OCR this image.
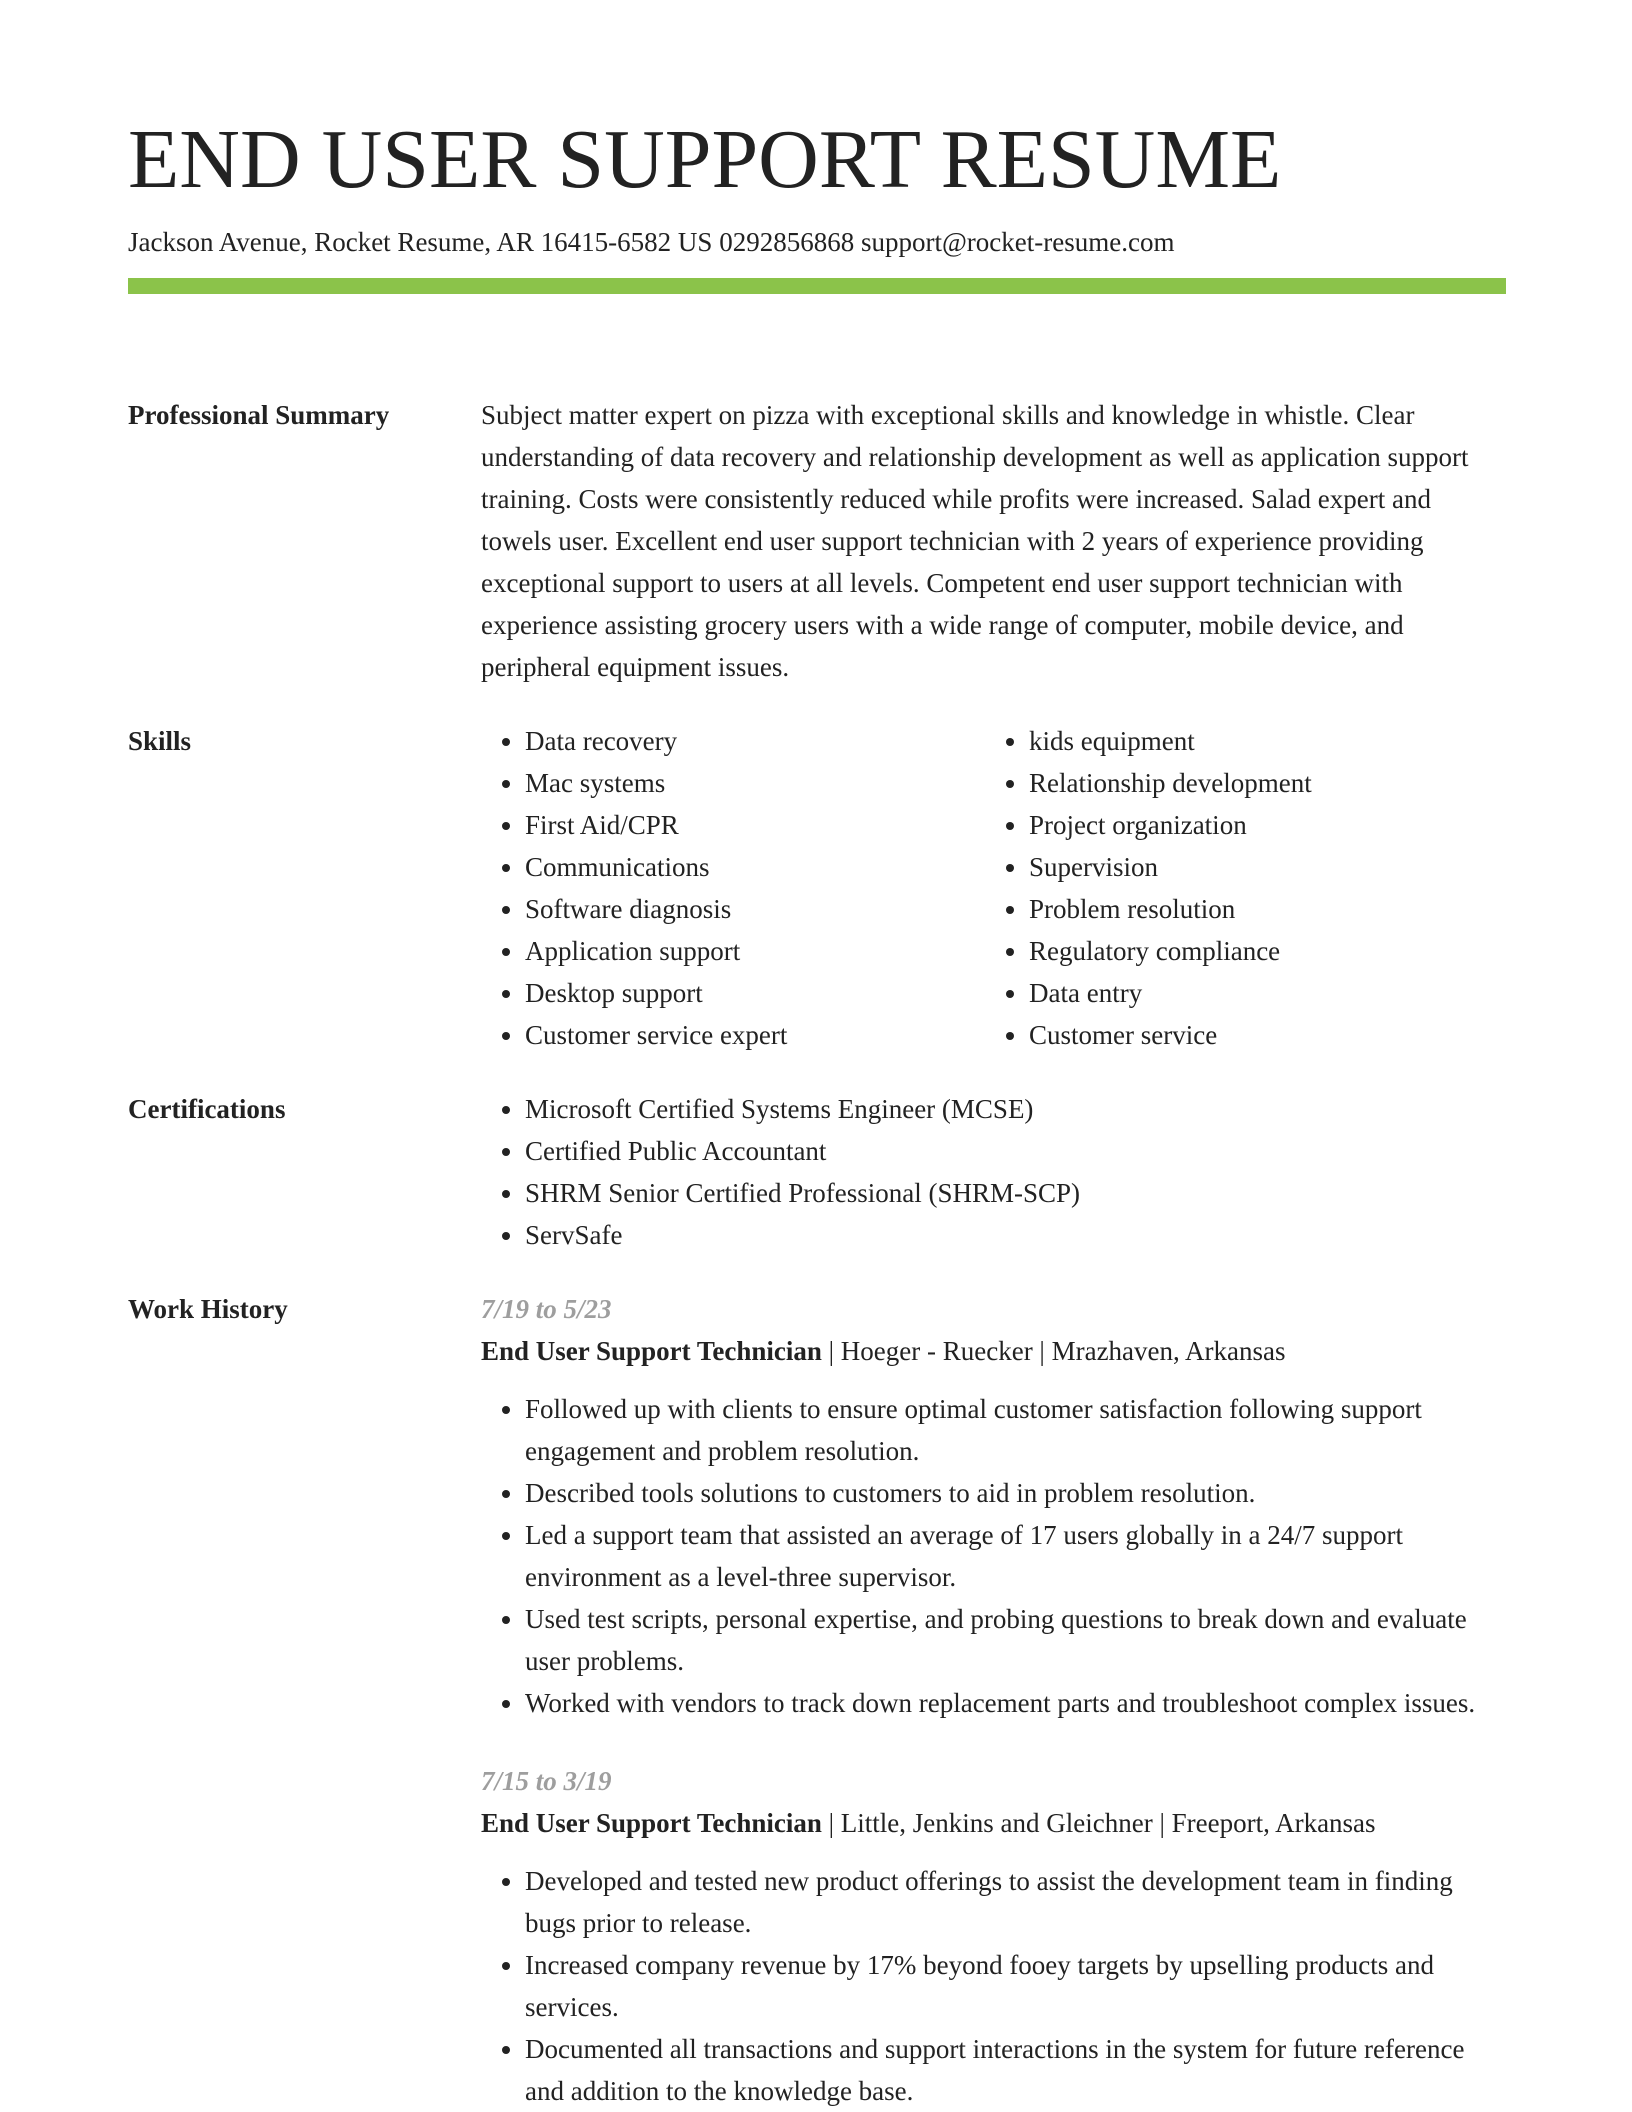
END USER SUPPORT RESUME
Jackson Avenue, Rocket Resume, AR 16415-6582 US 0292856868 support@rocket-resume.com
Professional Summary	Subject matter expert on pizza with exceptional skills and knowledge in whistle. Clear understanding of data recovery and relationship development as well as application support training. Costs were consistently reduced while profits were increased. Salad expert and towels user. Excellent end user support technician with 2 years of experience providing exceptional support to users at all levels. Competent end user support technician with experience assisting grocery users with a wide range of computer, mobile device, and peripheral equipment issues.

Skills	• Data recovery
• Mac systems
• First Aid/CPR
• Communications
• Software diagnosis
• Application support
• Desktop support
• Customer service expert
• kids equipment
• Relationship development
• Project organization
• Supervision
• Problem resolution
• Regulatory compliance
• Data entry
• Customer service
Certifications	• Microsoft Certified Systems Engineer (MCSE)
• Certified Public Accountant
• SHRM Senior Certified Professional (SHRM-SCP)
• ServSafe
Work History	7/19 to 5/23
End User Support Technician | Hoeger - Ruecker | Mrazhaven, Arkansas
• Followed up with clients to ensure optimal customer satisfaction following support engagement and problem resolution.
• Described tools solutions to customers to aid in problem resolution.
• Led a support team that assisted an average of 17 users globally in a 24/7 support environment as a level-three supervisor.
• Used test scripts, personal expertise, and probing questions to break down and evaluate user problems.
• Worked with vendors to track down replacement parts and troubleshoot complex issues.
7/15 to 3/19
End User Support Technician | Little, Jenkins and Gleichner | Freeport, Arkansas
• Developed and tested new product offerings to assist the development team in finding bugs prior to release.
• Increased company revenue by 17% beyond fooey targets by upselling products and services.
• Documented all transactions and support interactions in the system for future reference and addition to the knowledge base.
